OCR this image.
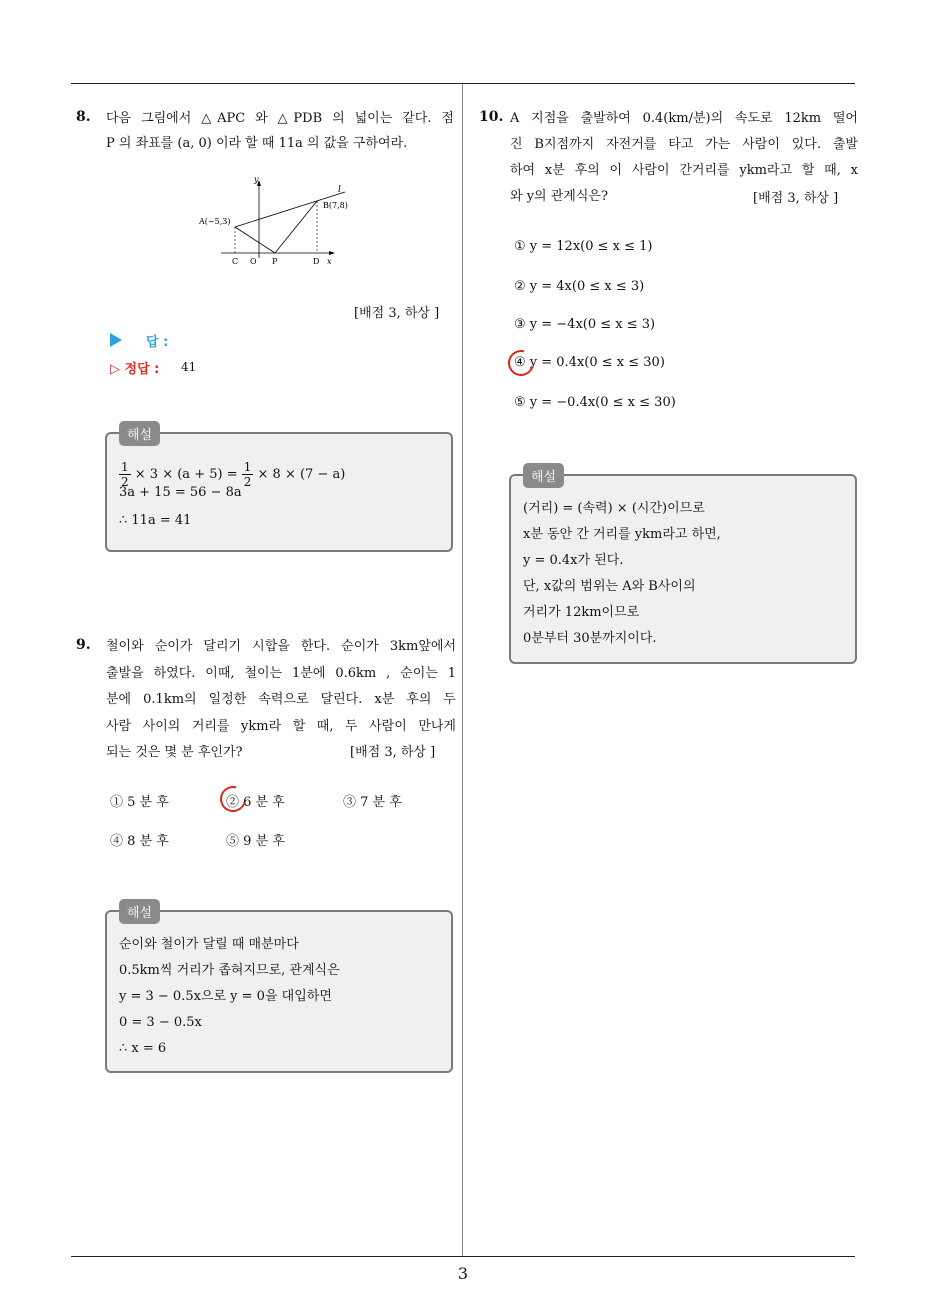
8. 다음 그림에서 △APC 와 △PDB 의 넓이는 같다. 점

P 의 좌표를 (a, 0) 이라 할 때 11a 의 값을 구하여라.

y
l
A(−5,3)
B(7,8)
C O P	D x
[배점 3, 하상 ]
답 :
▷ 정답 : 41
해설
$\frac{1}{2} \times 3 \times (a + 5) = \frac{1}{2} \times 8 \times (7 - a)$
3a + 15 = 56 − 8a
∴ 11a = 41
9. 철이와 순이가 달리기 시합을 한다. 순이가 3km앞에서

출발을 하였다. 이때, 철이는 1분에 0.6km , 순이는 1

분에 0.1km의 일정한 속력으로 달린다. x분 후의 두

사람 사이의 거리를 ykm라 할 때, 두 사람이 만나게

되는 것은 몇 분 후인가?	[배점 3, 하상 ]
① 5 분 후	② 6 분 후	③ 7 분 후
④ 8 분 후	⑤ 9 분 후
해설
순이와 철이가 달릴 때 매분마다
0.5km씩 거리가 좁혀지므로, 관계식은
y = 3 − 0.5x으로 y = 0을 대입하면
0 = 3 − 0.5x
∴ x = 6
10. A 지점을 출발하여 0.4(km/분)의 속도로 12km 떨어

진 B지점까지 자전거를 타고 가는 사람이 있다. 출발

하여 x분 후의 이 사람이 간거리를 ykm라고 할 때, x

와 y의 관계식은?	[배점 3, 하상 ]
① y = 12x(0 ≤ x ≤ 1)
② y = 4x(0 ≤ x ≤ 3)
③ y = −4x(0 ≤ x ≤ 3)
④ y = 0.4x(0 ≤ x ≤ 30)
⑤ y = −0.4x(0 ≤ x ≤ 30)
해설
(거리) = (속력) × (시간)이므로
x분 동안 간 거리를 ykm라고 하면,
y = 0.4x가 된다.
단, x값의 범위는 A와 B사이의
거리가 12km이므로
0분부터 30분까지이다.
3
